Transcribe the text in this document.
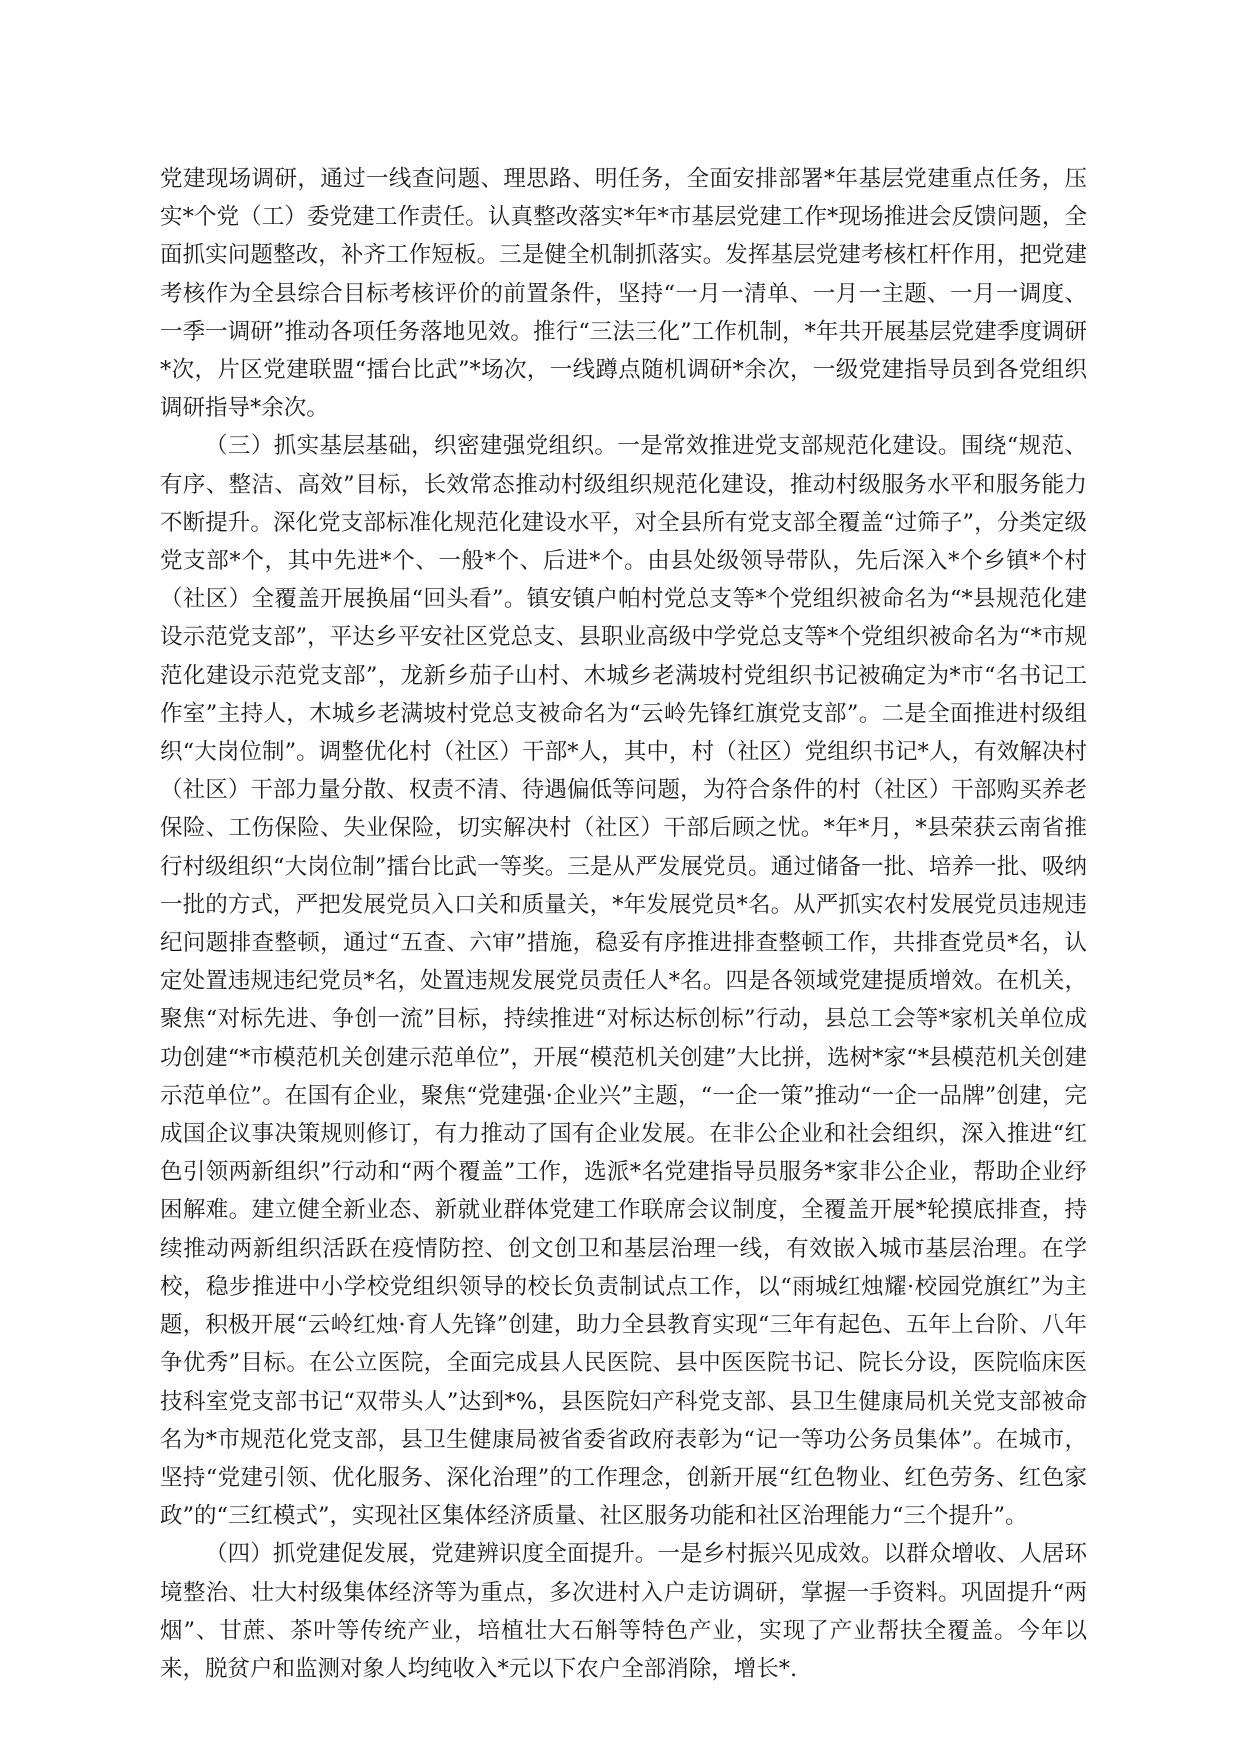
党建现场调研，通过一线查问题、理思路、明任务，全面安排部署*年基层党建重点任务，压实*个党（工）委党建工作责任。认真整改落实*年*市基层党建工作*现场推进会反馈问题，全面抓实问题整改，补齐工作短板。三是健全机制抓落实。发挥基层党建考核杠杆作用，把党建考核作为全县综合目标考核评价的前置条件，坚持“一月一清单、一月一主题、一月一调度、一季一调研”推动各项任务落地见效。推行“三法三化”工作机制，*年共开展基层党建季度调研*次，片区党建联盟“擂台比武”*场次，一线蹲点随机调研*余次，一级党建指导员到各党组织调研指导*余次。

（三）抓实基层基础，织密建强党组织。一是常效推进党支部规范化建设。围绕“规范、有序、整洁、高效”目标，长效常态推动村级组织规范化建设，推动村级服务水平和服务能力不断提升。深化党支部标准化规范化建设水平，对全县所有党支部全覆盖“过筛子”，分类定级党支部*个，其中先进*个、一般*个、后进*个。由县处级领导带队，先后深入*个乡镇*个村（社区）全覆盖开展换届“回头看”。镇安镇户帕村党总支等*个党组织被命名为“*县规范化建设示范党支部”，平达乡平安社区党总支、县职业高级中学党总支等*个党组织被命名为“*市规范化建设示范党支部”，龙新乡茄子山村、木城乡老满坡村党组织书记被确定为*市“名书记工作室”主持人，木城乡老满坡村党总支被命名为“云岭先锋红旗党支部”。二是全面推进村级组织“大岗位制”。调整优化村（社区）干部*人，其中，村（社区）党组织书记*人，有效解决村（社区）干部力量分散、权责不清、待遇偏低等问题，为符合条件的村（社区）干部购买养老保险、工伤保险、失业保险，切实解决村（社区）干部后顾之忧。*年*月，*县荣获云南省推行村级组织“大岗位制”擂台比武一等奖。三是从严发展党员。通过储备一批、培养一批、吸纳一批的方式，严把发展党员入口关和质量关，*年发展党员*名。从严抓实农村发展党员违规违纪问题排查整顿，通过“五查、六审”措施，稳妥有序推进排查整顿工作，共排查党员*名，认定处置违规违纪党员*名，处置违规发展党员责任人*名。四是各领域党建提质增效。在机关，聚焦“对标先进、争创一流”目标，持续推进“对标达标创标”行动，县总工会等*家机关单位成功创建“*市模范机关创建示范单位”，开展“模范机关创建”大比拼，选树*家“*县模范机关创建示范单位”。在国有企业，聚焦“党建强·企业兴”主题，“一企一策”推动“一企一品牌”创建，完成国企议事决策规则修订，有力推动了国有企业发展。在非公企业和社会组织，深入推进“红色引领两新组织”行动和“两个覆盖”工作，选派*名党建指导员服务*家非公企业，帮助企业纾困解难。建立健全新业态、新就业群体党建工作联席会议制度，全覆盖开展*轮摸底排查，持续推动两新组织活跃在疫情防控、创文创卫和基层治理一线，有效嵌入城市基层治理。在学校，稳步推进中小学校党组织领导的校长负责制试点工作，以“雨城红烛耀·校园党旗红”为主题，积极开展“云岭红烛·育人先锋”创建，助力全县教育实现“三年有起色、五年上台阶、八年争优秀”目标。在公立医院，全面完成县人民医院、县中医医院书记、院长分设，医院临床医技科室党支部书记“双带头人”达到*%，县医院妇产科党支部、县卫生健康局机关党支部被命名为*市规范化党支部，县卫生健康局被省委省政府表彰为“记一等功公务员集体”。在城市，坚持“党建引领、优化服务、深化治理”的工作理念，创新开展“红色物业、红色劳务、红色家政”的“三红模式”，实现社区集体经济质量、社区服务功能和社区治理能力“三个提升”。

（四）抓党建促发展，党建辨识度全面提升。一是乡村振兴见成效。以群众增收、人居环境整治、壮大村级集体经济等为重点，多次进村入户走访调研，掌握一手资料。巩固提升“两烟”、甘蔗、茶叶等传统产业，培植壮大石斛等特色产业，实现了产业帮扶全覆盖。今年以来，脱贫户和监测对象人均纯收入*元以下农户全部消除，增长*.
